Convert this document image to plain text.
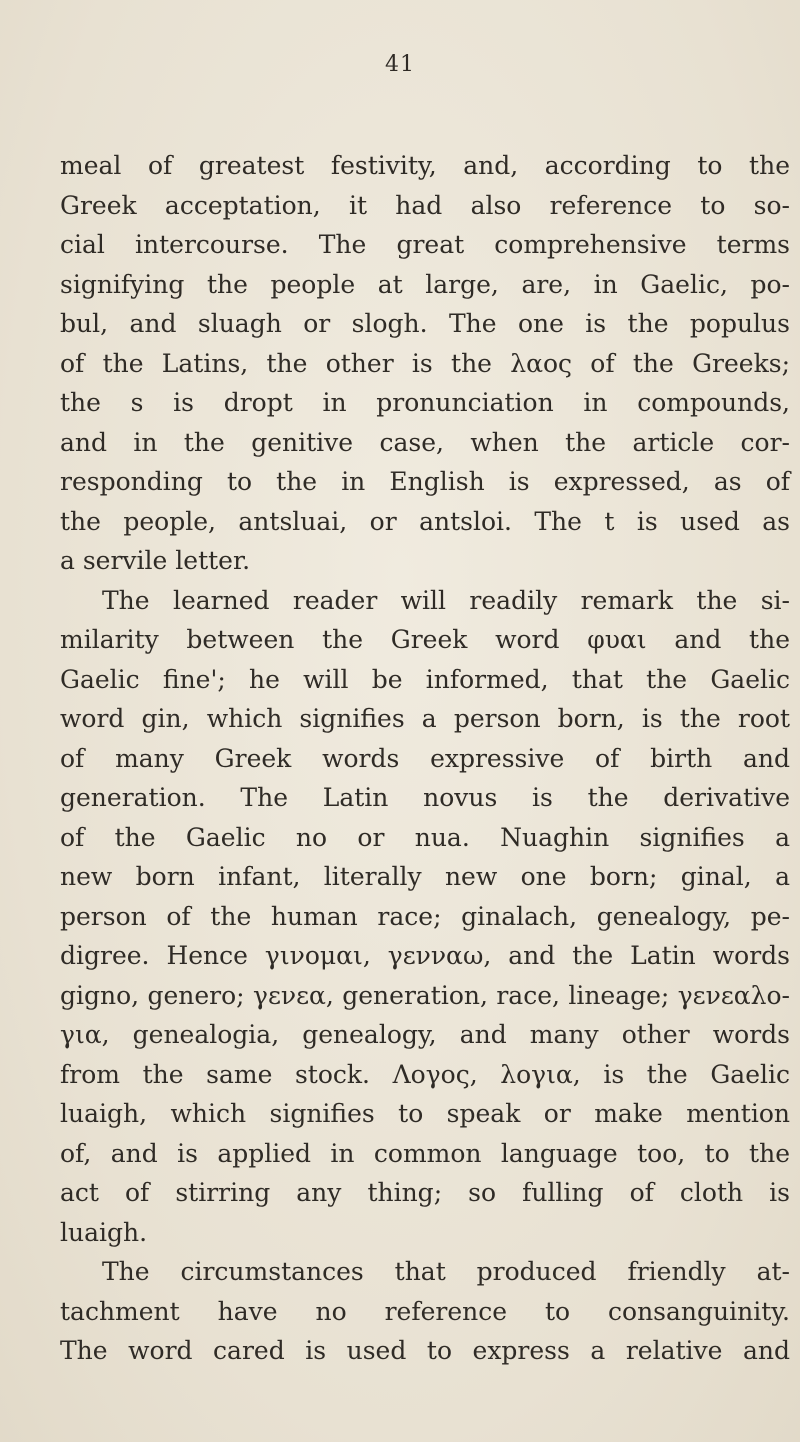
41
meal of greatest festivity, and, according to the
Greek acceptation, it had also reference to so-
cial intercourse. The great comprehensive terms
signifying the people at large, are, in Gaelic, po-
bul, and sluagh or slogh. The one is the populus
of the Latins, the other is the λαος of the Greeks;
the s is dropt in pronunciation in compounds,
and in the genitive case, when the article cor-
responding to the in English is expressed, as of
the people, antsluai, or antsloi. The t is used as
a servile letter.
The learned reader will readily remark the si-
milarity between the Greek word φυαι and the
Gaelic fine'; he will be informed, that the Gaelic
word gin, which signifies a person born, is the root
of many Greek words expressive of birth and
generation. The Latin novus is the derivative
of the Gaelic no or nua. Nuaghin signifies a
new born infant, literally new one born; ginal, a
person of the human race; ginalach, genealogy, pe-
digree. Hence γινομαι, γενναω, and the Latin words
gigno, genero; γενεα, generation, race, lineage; γενεαλο-
για, genealogia, genealogy, and many other words
from the same stock. Λογος, λογια, is the Gaelic
luaigh, which signifies to speak or make mention
of, and is applied in common language too, to the
act of stirring any thing; so fulling of cloth is
luaigh.
The circumstances that produced friendly at-
tachment have no reference to consanguinity.
The word cared is used to express a relative and
